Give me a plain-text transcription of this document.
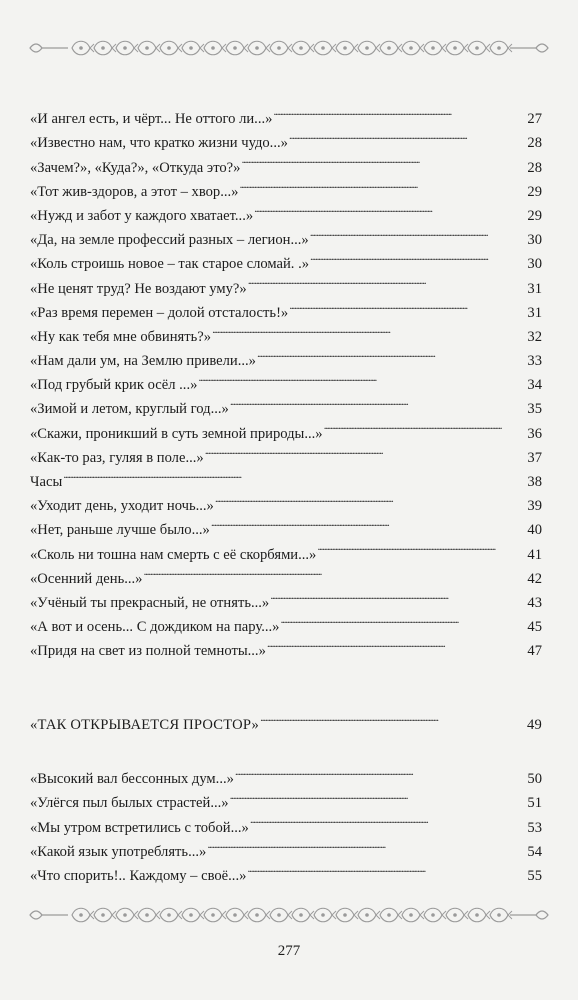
«И ангел есть, и чёрт... Не оттого ли...» . . .	27
«Известно нам, что кратко жизни чудо...» . . .	28
«Зачем?», «Куда?», «Откуда это?» . . .	28
«Тот жив-здоров, а этот – хвор...» . . .	29
«Нужд и забот у каждого хватает...» . . .	29
«Да, на земле профессий разных – легион...» . . .	30
«Коль строишь новое – так старое сломай. .» . . .	30
«Не ценят труд? Не воздают уму?» . . .	31
«Раз время перемен – долой отсталость!» . . .	31
«Ну как тебя мне обвинять?» . . .	32
«Нам дали ум, на Землю привели...» . . .	33
«Под грубый крик осёл ...» . . .	34
«Зимой и летом, круглый год...» . . .	35
«Скажи, проникший в суть земной природы...» . . .	36
«Как-то раз, гуляя в поле...» . . .	37
Часы . . .	38
«Уходит день, уходит ночь...» . . .	39
«Нет, раньше лучше было...» . . .	40
«Сколь ни тошна нам смерть с её скорбями...» . . .	41
«Осенний день...» . . .	42
«Учёный ты прекрасный, не отнять...» . . .	43
«А вот и осень... С дождиком на пару...» . . .	45
«Придя на свет из полной темноты...» . . .	47
«ТАК ОТКРЫВАЕТСЯ ПРОСТОР» . . .	49
«Высокий вал бессонных дум...» . . .	50
«Улёгся пыл былых страстей...» . . .	51
«Мы утром встретились с тобой...» . . .	53
«Какой язык употреблять...» . . .	54
«Что спорить!.. Каждому – своё...» . . .	55
277
